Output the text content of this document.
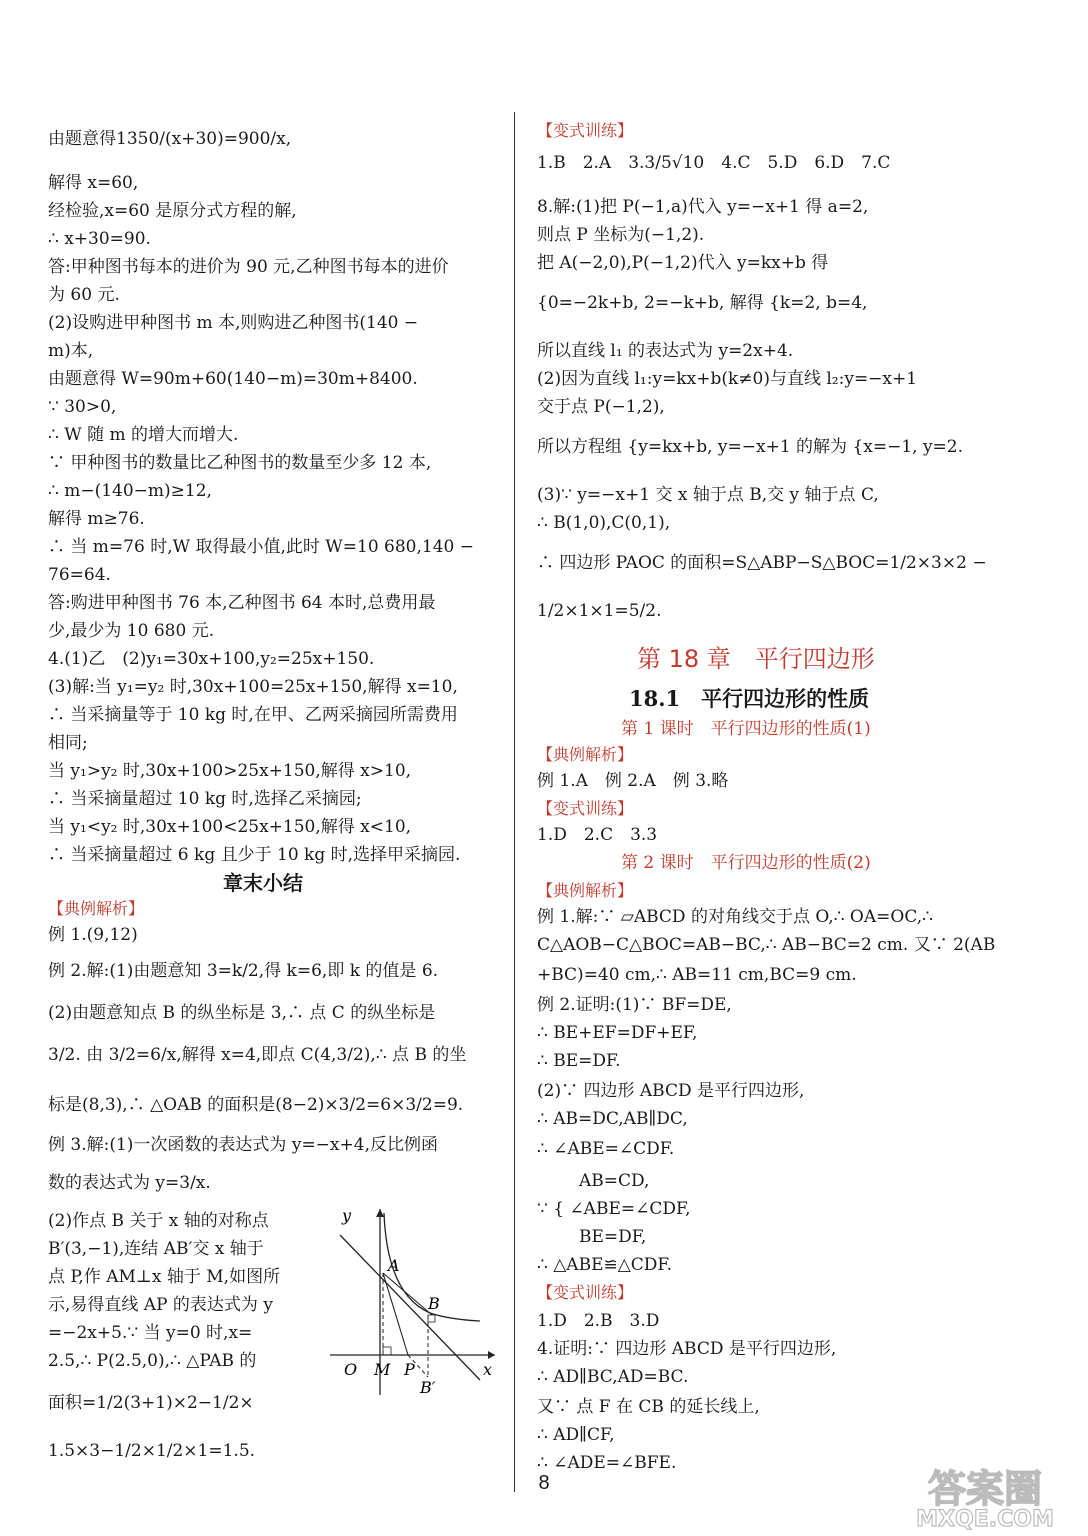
由题意得1350/(x+30)=900/x,
解得 x=60,
经检验,x=60 是原分式方程的解,
∴ x+30=90.
答:甲种图书每本的进价为 90 元,乙种图书每本的进价
为 60 元.
(2)设购进甲种图书 m 本,则购进乙种图书(140 −
m)本,
由题意得 W=90m+60(140−m)=30m+8400.
∵ 30>0,
∴ W 随 m 的增大而增大.
∵ 甲种图书的数量比乙种图书的数量至少多 12 本,
∴ m−(140−m)≥12,
解得 m≥76.
∴ 当 m=76 时,W 取得最小值,此时 W=10 680,140 −
76=64.
答:购进甲种图书 76 本,乙种图书 64 本时,总费用最
少,最少为 10 680 元.
4.(1)乙　(2)y₁=30x+100,y₂=25x+150.
(3)解:当 y₁=y₂ 时,30x+100=25x+150,解得 x=10,
∴ 当采摘量等于 10 kg 时,在甲、乙两采摘园所需费用
相同;
当 y₁>y₂ 时,30x+100>25x+150,解得 x>10,
∴ 当采摘量超过 10 kg 时,选择乙采摘园;
当 y₁<y₂ 时,30x+100<25x+150,解得 x<10,
∴ 当采摘量超过 6 kg 且少于 10 kg 时,选择甲采摘园.
章末小结
【典例解析】
例 1.(9,12)
例 2.解:(1)由题意知 3=k/2,得 k=6,即 k 的值是 6.
(2)由题意知点 B 的纵坐标是 3,∴ 点 C 的纵坐标是
3/2. 由 3/2=6/x,解得 x=4,即点 C(4,3/2),∴ 点 B 的坐
标是(8,3),∴ △OAB 的面积是(8−2)×3/2=6×3/2=9.
例 3.解:(1)一次函数的表达式为 y=−x+4,反比例函
数的表达式为 y=3/x.
(2)作点 B 关于 x 轴的对称点
B′(3,−1),连结 AB′交 x 轴于
点 P,作 AM⊥x 轴于 M,如图所
示,易得直线 AP 的表达式为 y
=−2x+5.∵ 当 y=0 时,x=
2.5,∴ P(2.5,0),∴ △PAB 的
面积=1/2(3+1)×2−1/2×
1.5×3−1/2×1/2×1=1.5.
【变式训练】
1.B　2.A　3.3/5√10　4.C　5.D　6.D　7.C
8.解:(1)把 P(−1,a)代入 y=−x+1 得 a=2,
则点 P 坐标为(−1,2).
把 A(−2,0),P(−1,2)代入 y=kx+b 得
{0=−2k+b, 2=−k+b, 解得 {k=2, b=4,
所以直线 l₁ 的表达式为 y=2x+4.
(2)因为直线 l₁:y=kx+b(k≠0)与直线 l₂:y=−x+1
交于点 P(−1,2),
所以方程组 {y=kx+b, y=−x+1 的解为 {x=−1, y=2.
(3)∵ y=−x+1 交 x 轴于点 B,交 y 轴于点 C,
∴ B(1,0),C(0,1),
∴ 四边形 PAOC 的面积=S△ABP−S△BOC=1/2×3×2 −
1/2×1×1=5/2.
第 18 章　平行四边形
18.1　平行四边形的性质
第 1 课时　平行四边形的性质(1)
【典例解析】
例 1.A　例 2.A　例 3.略
【变式训练】
1.D　2.C　3.3
第 2 课时　平行四边形的性质(2)
【典例解析】
例 1.解:∵ ▱ABCD 的对角线交于点 O,∴ OA=OC,∴
C△AOB−C△BOC=AB−BC,∴ AB−BC=2 cm. 又∵ 2(AB
+BC)=40 cm,∴ AB=11 cm,BC=9 cm.
例 2.证明:(1)∵ BF=DE,
∴ BE+EF=DF+EF,
∴ BE=DF.
(2)∵ 四边形 ABCD 是平行四边形,
∴ AB=DC,AB∥DC,
∴ ∠ABE=∠CDF.
AB=CD,
∵ { ∠ABE=∠CDF,
BE=DF,
∴ △ABE≌△CDF.
【变式训练】
1.D　2.B　3.D
4.证明:∵ 四边形 ABCD 是平行四边形,
∴ AD∥BC,AD=BC.
又∵ 点 F 在 CB 的延长线上,
∴ AD∥CF,
∴ ∠ADE=∠BFE.
y
x
O M P
A
B
B′
8	答案圈
MXQE.COM
